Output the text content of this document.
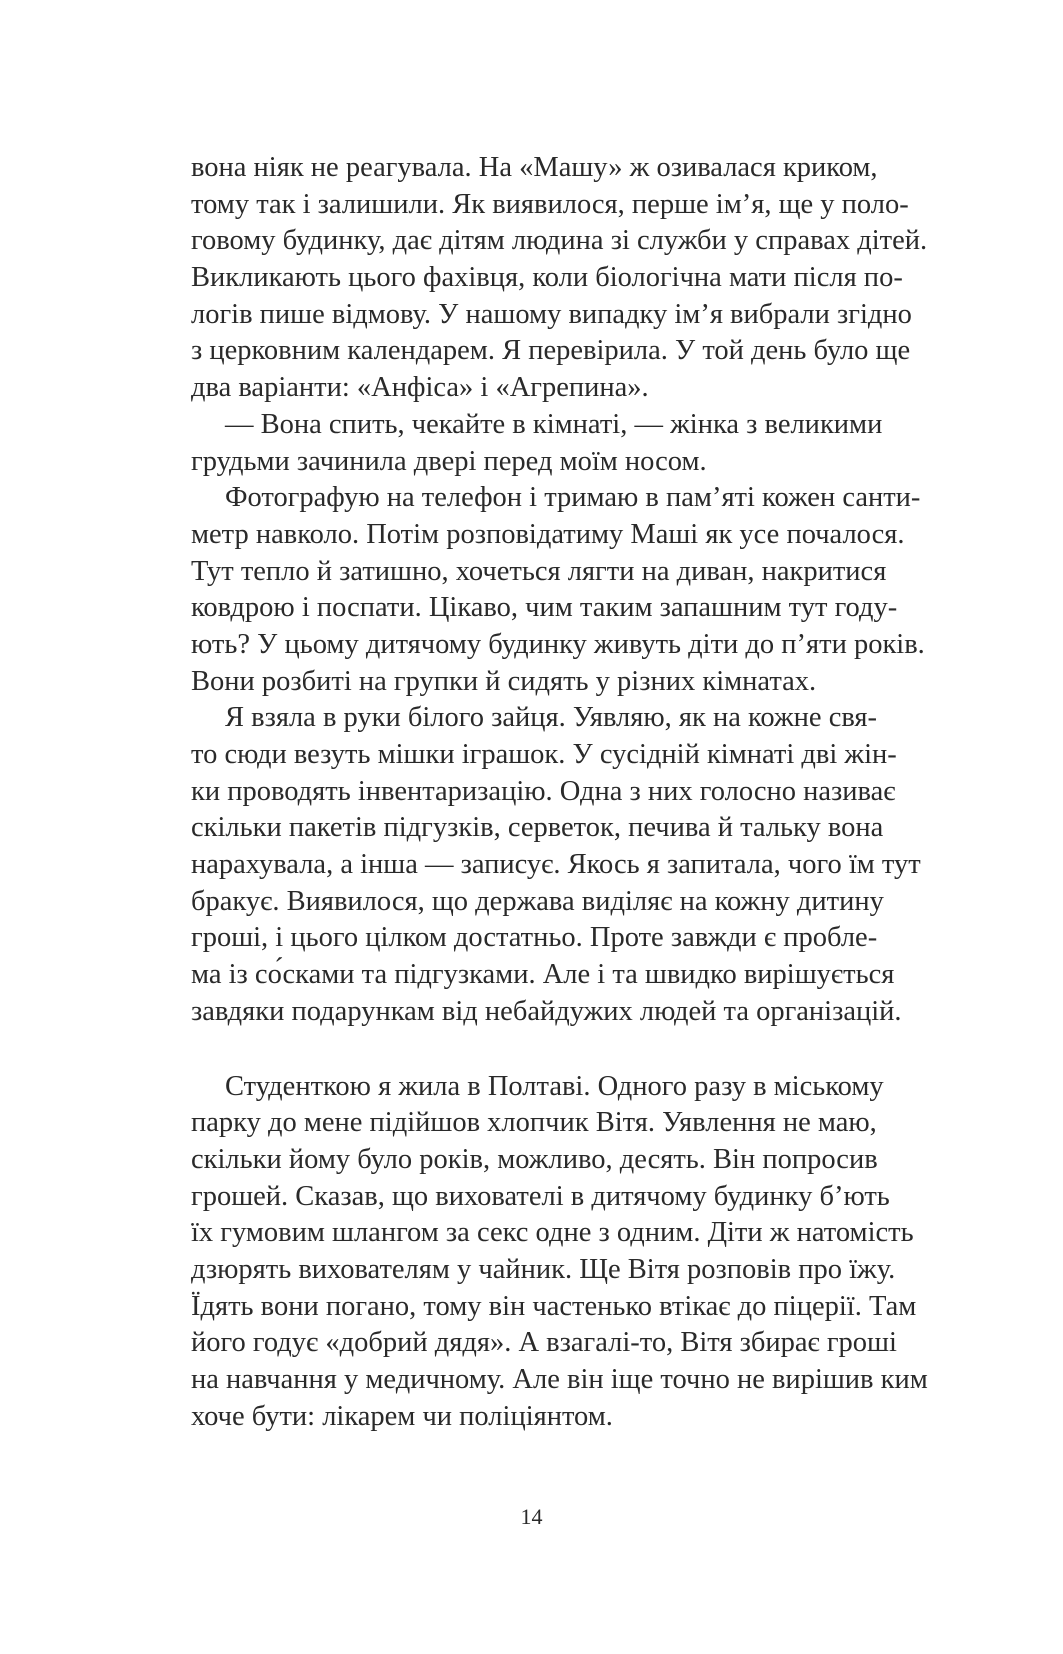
вона ніяк не реагувала. На «Машу» ж озивалася криком,
тому так і залишили. Як виявилося, перше ім’я, ще у поло-
говому будинку, дає дітям людина зі служби у справах дітей.
Викликають цього фахівця, коли біологічна мати після по-
логів пише відмову. У нашому випадку ім’я вибрали згідно
з церковним календарем. Я перевірила. У той день було ще
два варіанти: «Анфіса» і «Агрепина».
— Вона спить, чекайте в кімнаті, — жінка з великими
грудьми зачинила двері перед моїм носом.
Фотографую на телефон і тримаю в пам’яті кожен санти-
метр навколо. Потім розповідатиму Маші як усе почалося.
Тут тепло й затишно, хочеться лягти на диван, накритися
ковдрою і поспати. Цікаво, чим таким запашним тут году-
ють? У цьому дитячому будинку живуть діти до п’яти років.
Вони розбиті на групки й сидять у різних кімнатах.
Я взяла в руки білого зайця. Уявляю, як на кожне свя-
то сюди везуть мішки іграшок. У сусідній кімнаті дві жін-
ки проводять інвентаризацію. Одна з них голосно називає
скільки пакетів підгузків, серветок, печива й тальку вона
нарахувала, а інша — записує. Якось я запитала, чого їм тут
бракує. Виявилося, що держава виділяє на кожну дитину
гроші, і цього цілком достатньо. Проте завжди є пробле-
ма із со́сками та підгузками. Але і та швидко вирішується
завдяки подарункам від небайдужих людей та організацій.
Студенткою я жила в Полтаві. Одного разу в міському
парку до мене підійшов хлопчик Вітя. Уявлення не маю,
скільки йому було років, можливо, десять. Він попросив
грошей. Сказав, що вихователі в дитячому будинку б’ють
їх гумовим шлангом за секс одне з одним. Діти ж натомість
дзюрять вихователям у чайник. Ще Вітя розповів про їжу.
Їдять вони погано, тому він частенько втікає до піцерії. Там
його годує «добрий дядя». А взагалі-то, Вітя збирає гроші
на навчання у медичному. Але він іще точно не вирішив ким
хоче бути: лікарем чи поліціянтом.
14
